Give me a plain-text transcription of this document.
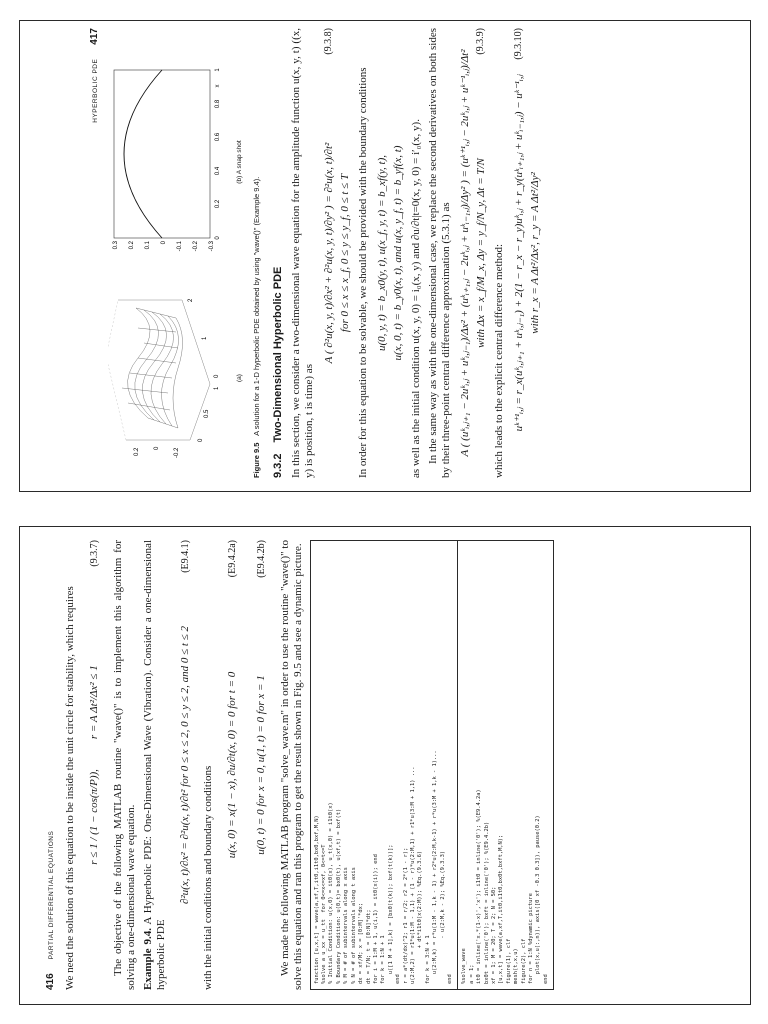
416
PARTIAL DIFFERENTIAL EQUATIONS We need the solution of this equation to be inside the unit circle for stability, which requires r ≤ 1 / (1 − cos(π/P)),
r = A Δt²/Δx² ≤ 1
(9.3.7) The objective of the following MATLAB routine "wave()" is to implement this algorithm for solving a one-dimensional wave equation. Example 9.4. A Hyperbolic PDE: One-Dimensional Wave (Vibration). Consider a one-dimensional hyperbolic PDE

∂²u(x, t)/∂x² = ∂²u(x, t)/∂t² for 0 ≤ x ≤ 2, 0 ≤ y ≤ 2, and 0 ≤ t ≤ 2
(E9.4.1)

with the initial conditions and boundary conditions

u(x, 0) = x(1 − x), ∂u/∂t(x, 0) = 0 for t = 0
(E9.4.2a)
u(0, t) = 0 for x = 0, u(1, t) = 0 for x = 1
(E9.4.2b) We made the following MATLAB program "solve_wave.m" in order to use the routine "wave()" to solve this equation and ran this program to get the result shown in Fig. 9.5 and see a dynamic picture.	function [u,x,t] = wave(a,xf,T,it0,i1t0,bx0,bxf,M,N)
%solve a u_xx = u_tt  for 0<=x<=xf, 0<=t<=T
% Initial Condition: u(x,0) = it0(x), u_t(x,0) = i1t0(x)
% Boundary Condition: u(0,t)= bx0(t), u(xf,t) = bxf(t)
% M = # of subintervals along x axis
% N = # of subintervals along t axis
dx = xf/M; x = [0:M]'*dx;
dt = T/N; t = [0:N]*dt;
for i = 1:M + 1, u(i,1) = it0(x(i)); end
for k = 1:N + 1
u([1 M + 1],k) = [bx0(t(k)); bxf(t(k))];
end
r = a*(dt/dx)^2; r1 = r/2; r2 = 2*(1 - r);
u(2:M,2) = r1*u(1:M - 1,1) + (1 - r)*u(2:M,1) + r1*u(3:M + 1,1) ...
+ dt*i1t0(x(2:M)); %Eq.(9.3.6)
for k = 3:N + 1
u(2:M,k) = r*u(1:M - 1,k - 1) + r2*u(2:M,k-1) + r*u(3:M + 1,k - 1)...
- u(2:M,k - 2); %Eq.(9.3.3)
end	%solve_wave
a = 1;
it0 = inline('x.*(1-x)','x'); i1t0 = inline('0'); %(E9.4.2a)
bx0t = inline('0'); bxft = inline('0'); %(E9.4.2b)
xf = 1; M = 20; T = 2; N = 50;
[u,x,t] = wave(a,xf,T,it0,i1t0,bx0t,bxft,M,N);
figure(1), clf
mesh(t,x,u)
figure(2), clf
for n = 1:N %dynamic picture
plot(x,u(:,n)), axis([0 xf -0.3 0.3]), pause(0.2)
end
HYPERBOLIC PDE
417
0.2 0 -0.2
0
0.5
1
0
1
2
(a)
0.3 0.2 0.1 0 -0.1 -0.2 -0.3
0
0.2
0.4
0.6
0.8
x
1
(b) A snap shot
Figure 9.5 A solution for a 1-D hyperbolic PDE obtained by using "wave()" (Example 9.4).
9.3.2 Two-Dimensional Hyperbolic PDE In this section, we consider a two-dimensional wave equation for the amplitude function u(x, y, t) ((x, y) is position, t is time) as

A ( ∂²u(x, y, t)/∂x² + ∂²u(x, y, t)/∂y² ) = ∂²u(x, t)/∂t²
(9.3.8)
for 0 ≤ x ≤ x_f, 0 ≤ y ≤ y_f, 0 ≤ t ≤ T In order for this equation to be solvable, we should be provided with the boundary conditions u(0, y, t) = b_x0(y, t), u(x_f, y, t) = b_xf(y, t), u(x, 0, t) = b_y0(x, t), and u(x, y_f, t) = b_yf(x, t) as well as the initial condition u(x, y, 0) = i₀(x, y) and ∂u/∂t|t=0(x, y, 0) = i′₀(x, y). In the same way as with the one-dimensional case, we replace the second derivatives on both sides by their three-point central difference approximation (5.3.1) as A ( (uᵏᵢ,ⱼ₊₁ − 2uᵏᵢ,ⱼ + uᵏᵢ,ⱼ₋₁)/Δx² + (uᵏᵢ₊₁,ⱼ − 2uᵏᵢ,ⱼ + uᵏᵢ₋₁,ⱼ)/Δy² ) = (uᵏ⁺¹ᵢ,ⱼ − 2uᵏᵢ,ⱼ + uᵏ⁻¹ᵢ,ⱼ)/Δt² with Δx = x_f/M_x, Δy = y_f/N_y, Δt = T/N
(9.3.9)

which leads to the explicit central difference method: uᵏ⁺¹ᵢ,ⱼ = r_x(uᵏᵢ,ⱼ₊₁ + uᵏᵢ,ⱼ₋₁) + 2(1 − r_x − r_y)uᵏᵢ,ⱼ + r_y(uᵏᵢ₊₁,ⱼ + uᵏᵢ₋₁,ⱼ) − uᵏ⁻¹ᵢ,ⱼ
(9.3.10)
with r_x = A Δt²/Δx², r_y = A Δt²/Δy²
